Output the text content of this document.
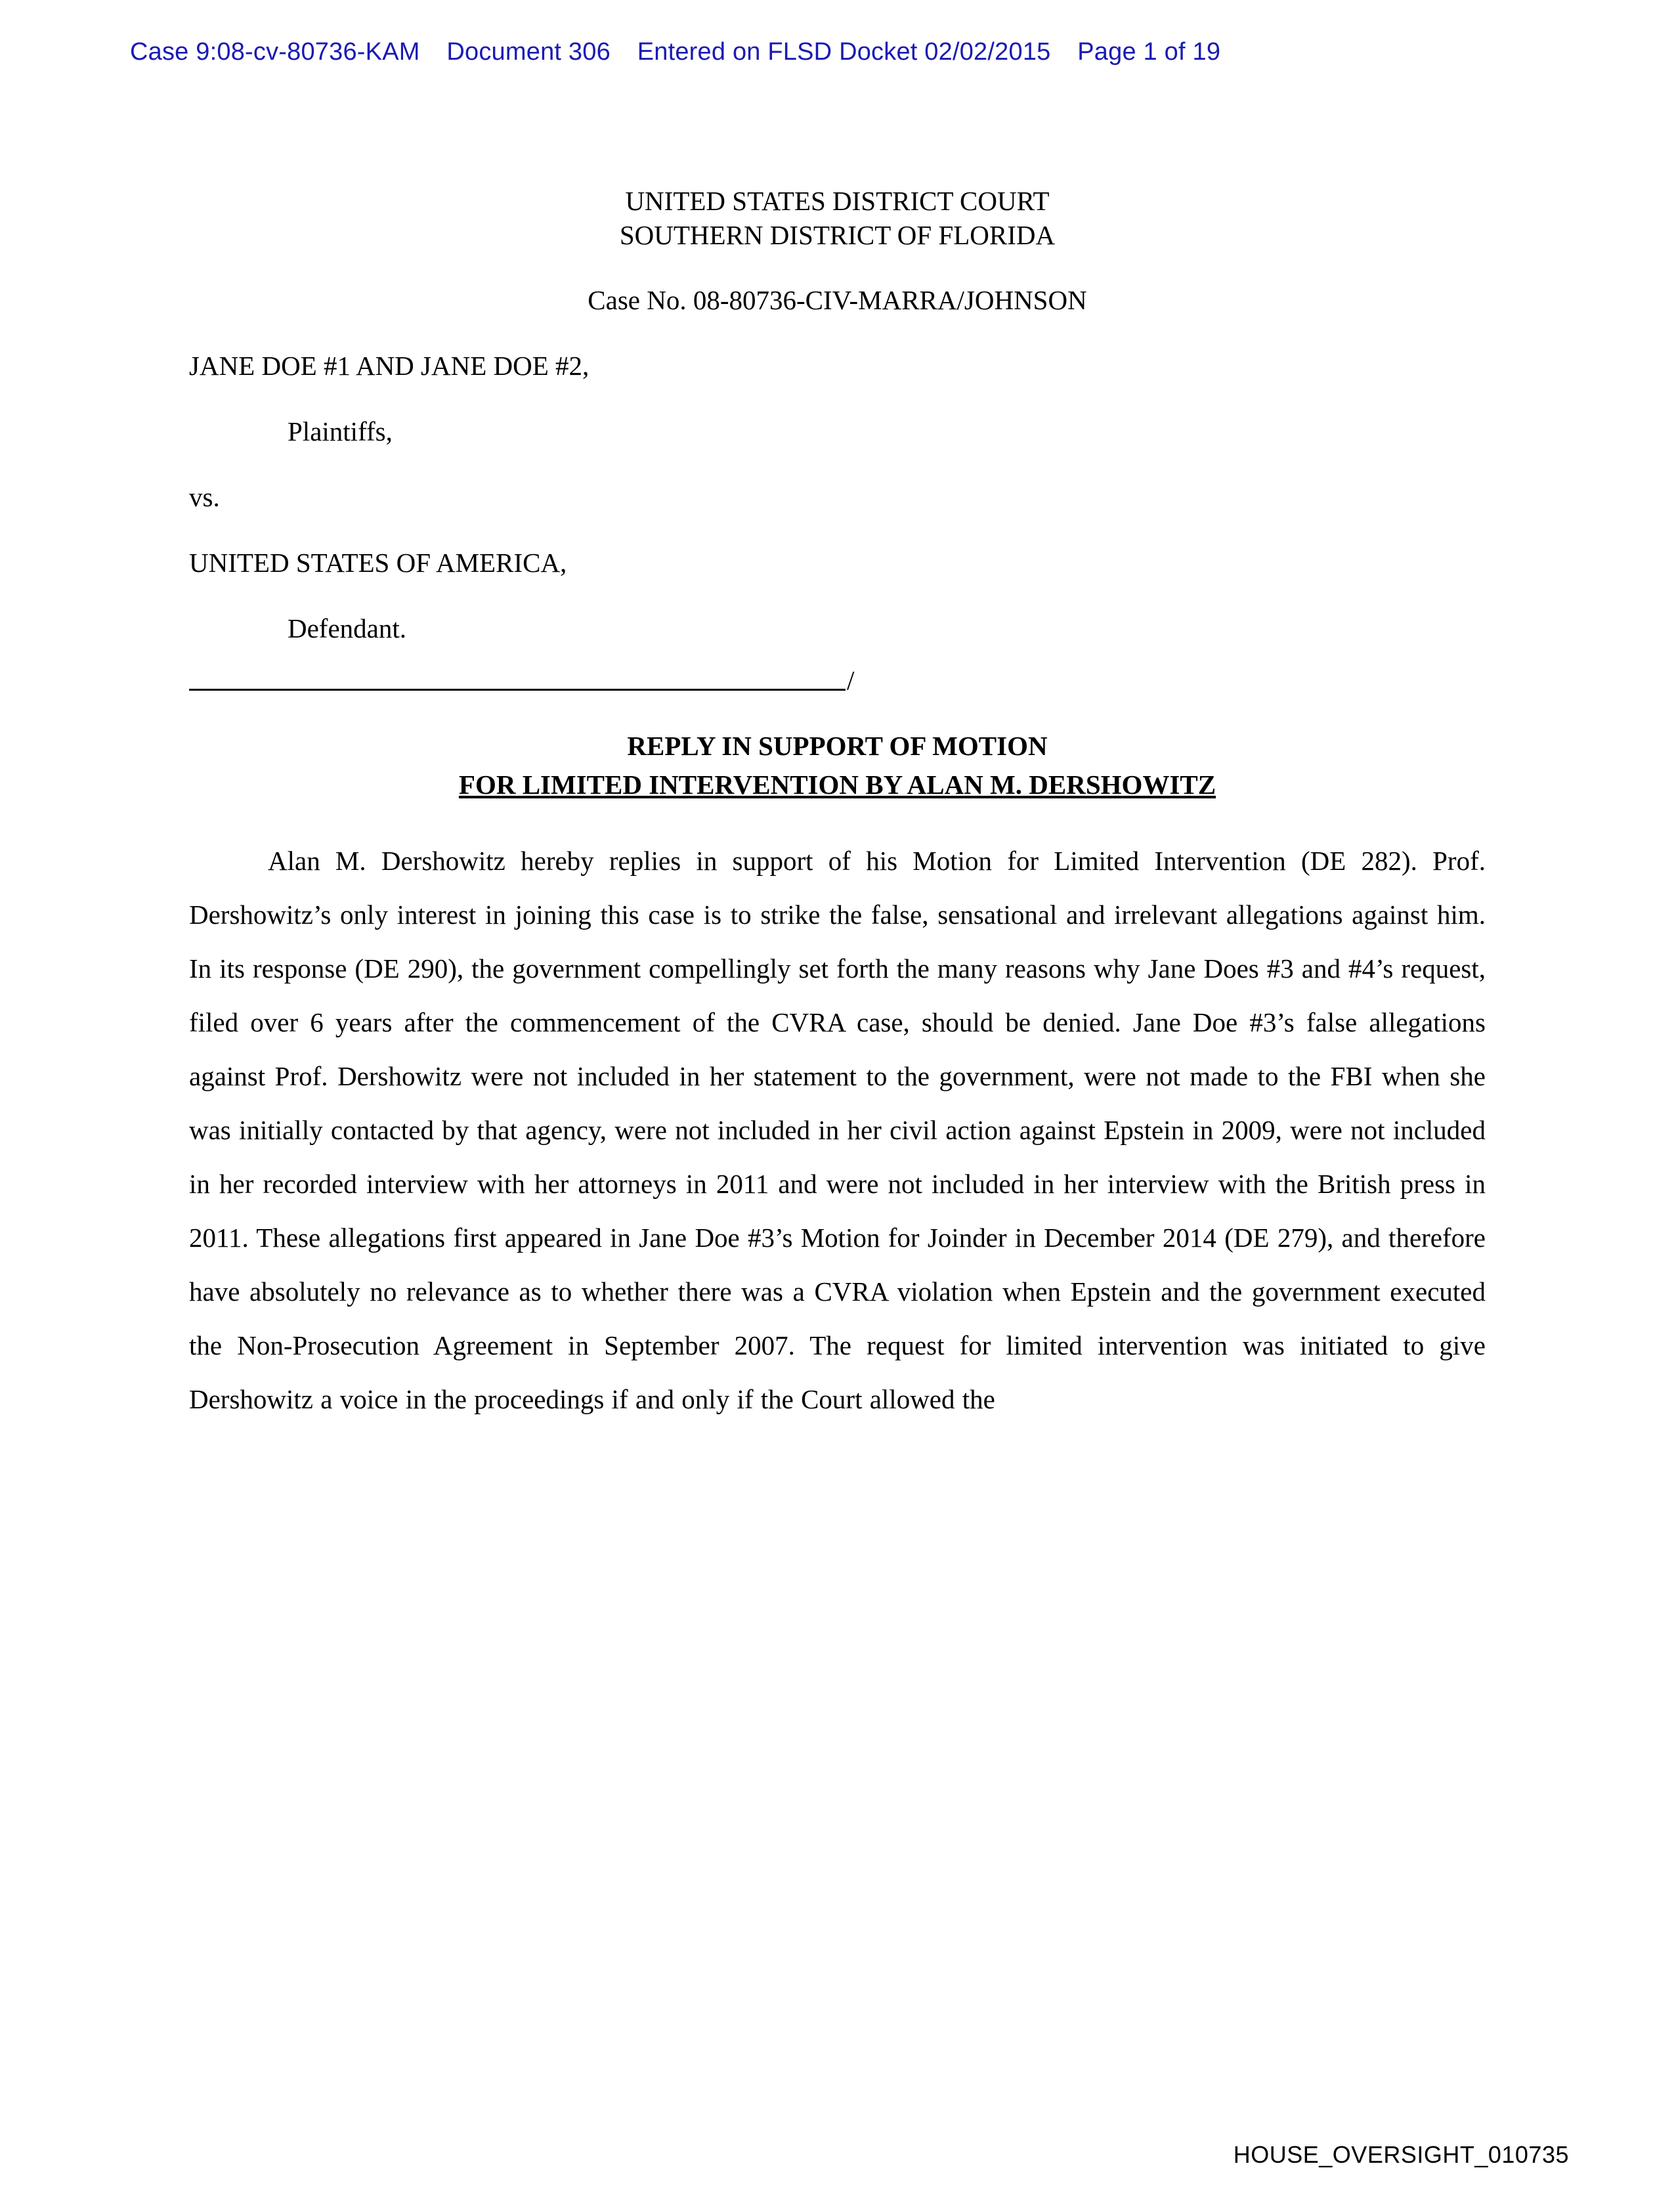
Case 9:08-cv-80736-KAM Document 306 Entered on FLSD Docket 02/02/2015 Page 1 of 19
UNITED STATES DISTRICT COURT
SOUTHERN DISTRICT OF FLORIDA
Case No. 08-80736-CIV-MARRA/JOHNSON
JANE DOE #1 AND JANE DOE #2,
Plaintiffs,
vs.
UNITED STATES OF AMERICA,
Defendant.
/
REPLY IN SUPPORT OF MOTION
FOR LIMITED INTERVENTION BY ALAN M. DERSHOWITZ
Alan M. Dershowitz hereby replies in support of his Motion for Limited Intervention (DE 282). Prof. Dershowitz’s only interest in joining this case is to strike the false, sensational and irrelevant allegations against him. In its response (DE 290), the government compellingly set forth the many reasons why Jane Does #3 and #4’s request, filed over 6 years after the commencement of the CVRA case, should be denied. Jane Doe #3’s false allegations against Prof. Dershowitz were not included in her statement to the government, were not made to the FBI when she was initially contacted by that agency, were not included in her civil action against Epstein in 2009, were not included in her recorded interview with her attorneys in 2011 and were not included in her interview with the British press in 2011. These allegations first appeared in Jane Doe #3’s Motion for Joinder in December 2014 (DE 279), and therefore have absolutely no relevance as to whether there was a CVRA violation when Epstein and the government executed the Non-Prosecution Agreement in September 2007. The request for limited intervention was initiated to give Dershowitz a voice in the proceedings if and only if the Court allowed the
HOUSE_OVERSIGHT_010735
